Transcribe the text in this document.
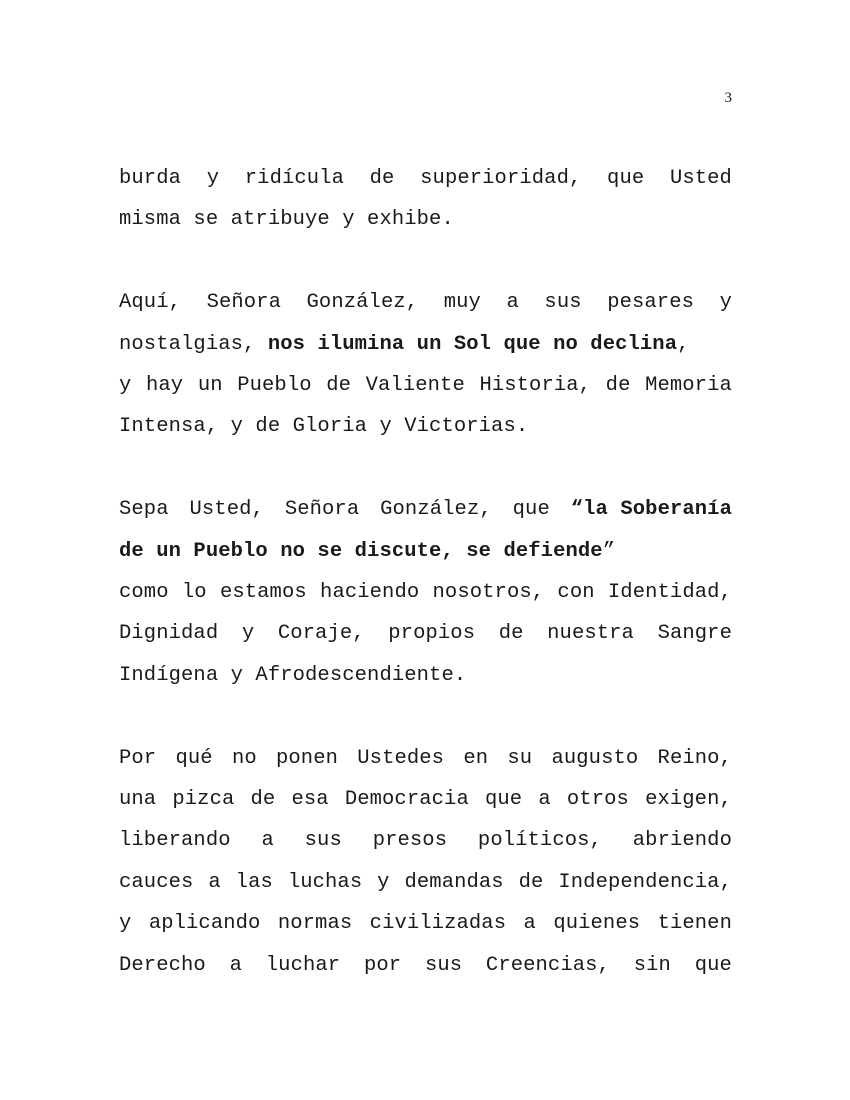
3

burda y ridícula de superioridad, que Usted
misma se atribuye y exhibe.

Aquí, Señora González, muy a sus pesares y
nostalgias, nos ilumina un Sol que no declina,
y hay un Pueblo de Valiente Historia, de Memoria
Intensa, y de Gloria y Victorias.

Sepa Usted, Señora González, que “la Soberanía
de un Pueblo no se discute, se defiende”
como lo estamos haciendo nosotros, con Identidad,
Dignidad y Coraje, propios de nuestra Sangre
Indígena y Afrodescendiente.

Por qué no ponen Ustedes en su augusto Reino,
una pizca de esa Democracia que a otros exigen,
liberando a sus presos políticos, abriendo
cauces a las luchas y demandas de Independencia,
y aplicando normas civilizadas a quienes tienen
Derecho a luchar por sus Creencias, sin que
